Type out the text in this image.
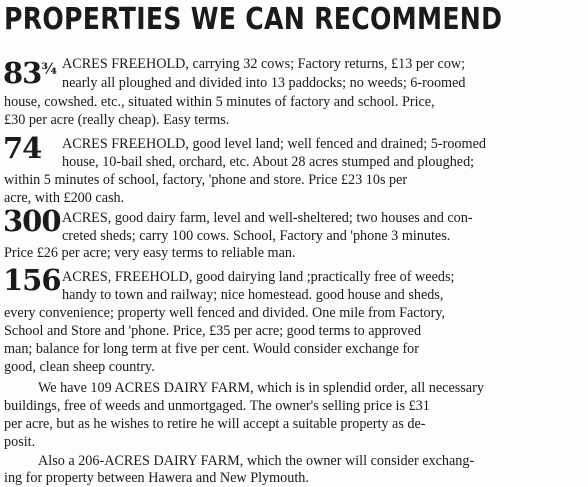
PROPERTIES WE CAN RECOMMEND
$83^{\frac{3}{4}}$ ACRES FREEHOLD, carrying 32 cows; Factory returns, £13 per cow;
nearly all ploughed and divided into 13 paddocks; no weeds; 6-roomed
house, cowshed. etc., situated within 5 minutes of factory and school. Price,
£30 per acre (really cheap). Easy terms.
74 ACRES FREEHOLD, good level land; well fenced and drained; 5-roomed
house, 10-bail shed, orchard, etc. About 28 acres stumped and ploughed;
within 5 minutes of school, factory, 'phone and store. Price £23 10s per
acre, with £200 cash.
300 ACRES, good dairy farm, level and well-sheltered; two houses and con-
creted sheds; carry 100 cows. School, Factory and 'phone 3 minutes.
Price £26 per acre; very easy terms to reliable man.
156 ACRES, FREEHOLD, good dairying land ;practically free of weeds;
handy to town and railway; nice homestead. good house and sheds,
every convenience; property well fenced and divided. One mile from Factory,
School and Store and 'phone. Price, £35 per acre; good terms to approved
man; balance for long term at five per cent. Would consider exchange for
good, clean sheep country.
We have 109 ACRES DAIRY FARM, which is in splendid order, all necessary
buildings, free of weeds and unmortgaged. The owner's selling price is £31
per acre, but as he wishes to retire he will accept a suitable property as de-
posit.
Also a 206-ACRES DAIRY FARM, which the owner will consider exchang-
ing for property between Hawera and New Plymouth.
